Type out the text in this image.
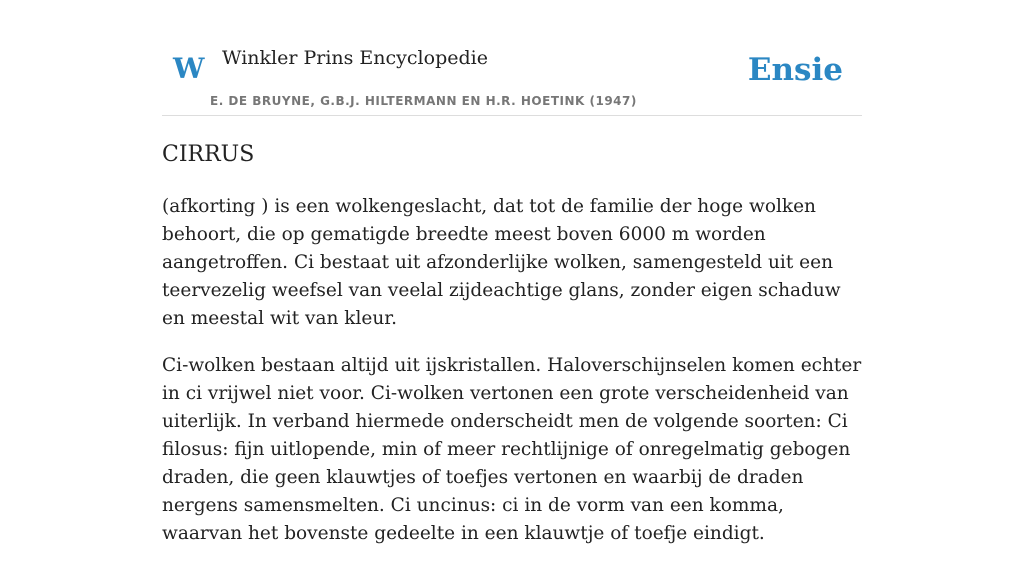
W Winkler Prins Encyclopedie
E. DE BRUYNE, G.B.J. HILTERMANN EN H.R. HOETINK (1947)
Ensie
CIRRUS

(afkorting ) is een wolkengeslacht, dat tot de familie der hoge wolken behoort, die op gematigde breedte meest boven 6000 m worden aangetroffen. Ci bestaat uit afzonderlijke wolken, samengesteld uit een teervezelig weefsel van veelal zijdeachtige glans, zonder eigen schaduw en meestal wit van kleur.

Ci-wolken bestaan altijd uit ijskristallen. Haloverschijnselen komen echter in ci vrijwel niet voor. Ci-wolken vertonen een grote verscheidenheid van uiterlijk. In verband hiermede onderscheidt men de volgende soorten: Ci filosus: fijn uitlopende, min of meer rechtlijnige of onregelmatig gebogen draden, die geen klauwtjes of toefjes vertonen en waarbij de draden nergens samensmelten. Ci uncinus: ci in de vorm van een komma, waarvan het bovenste gedeelte in een klauwtje of toefje eindigt.
